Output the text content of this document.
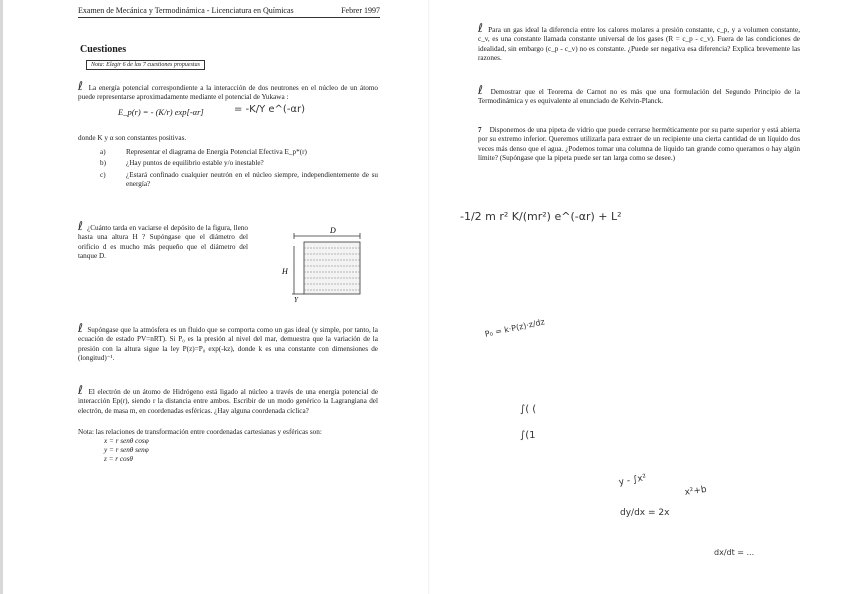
Examen de Mecánica y Termodinámica - Licenciatura en Químicas	Febrer 1997
Cuestiones
Nota: Elegir 6 de las 7 cuestiones propuestas
ℓ La energía potencial correspondiente a la interacción de dos neutrones en el núcleo de un átomo puede representarse aproximadamente mediante el potencial de Yukawa :
E_p(r) = - (K/r) exp[-αr]	= -K/Y e^(-αr)
donde K y α son constantes positivas.
a)	Representar el diagrama de Energía Potencial Efectiva E_p*(r)
b)	¿Hay puntos de equilibrio estable y/o inestable?
c)	¿Estará confinado cualquier neutrón en el núcleo siempre, independientemente de su energía?
ℓ ¿Cuánto tarda en vaciarse el depósito de la figura, lleno hasta una altura H ? Supóngase que el diámetro del orificio d es mucho más pequeño que el diámetro del tanque D.
D
H
Y
ℓ Supóngase que la atmósfera es un fluido que se comporta como un gas ideal (y simple, por tanto, la ecuación de estado PV=nRT). Si P₀ es la presión al nivel del mar, demuestra que la variación de la presión con la altura sigue la ley P(z)=P₀ exp(-kz), donde k es una constante con dimensiones de (longitud)⁻¹.
ℓ El electrón de un átomo de Hidrógeno está ligado al núcleo a través de una energía potencial de interacción Ep(r), siendo r la distancia entre ambos. Escribir de un modo genérico la Lagrangiana del electrón, de masa m, en coordenadas esféricas. ¿Hay alguna coordenada cíclica?
Nota: las relaciones de transformación entre coordenadas cartesianas y esféricas son:
x = r senθ cosφ
y = r senθ senφ
z = r cosθ
ℓ Para un gas ideal la diferencia entre los calores molares a presión constante, c_p, y a volumen constante, c_v, es una constante llamada constante universal de los gases (R = c_p - c_v). Fuera de las condiciones de idealidad, sin embargo (c_p - c_v) no es constante. ¿Puede ser negativa esa diferencia? Explica brevemente las razones.
ℓ Demostrar que el Teorema de Carnot no es más que una formulación del Segundo Principio de la Termodinámica y es equivalente al enunciado de Kelvin-Planck.
7 Disponemos de una pipeta de vidrio que puede cerrarse herméticamente por su parte superior y está abierta por su extremo inferior. Queremos utilizarla para extraer de un recipiente una cierta cantidad de un líquido dos veces más denso que el agua. ¿Podemos tomar una columna de líquido tan grande como queramos o hay algún límite? (Supóngase que la pipeta puede ser tan larga como se desee.)
-1/2 m r² K/(mr²) e^(-αr) + L²
P₀ = k·P(z)·z/dz
∫( (
∫(1
y - ∫x²
dy/dx = 2x
x²+b
dx/dt = ...
